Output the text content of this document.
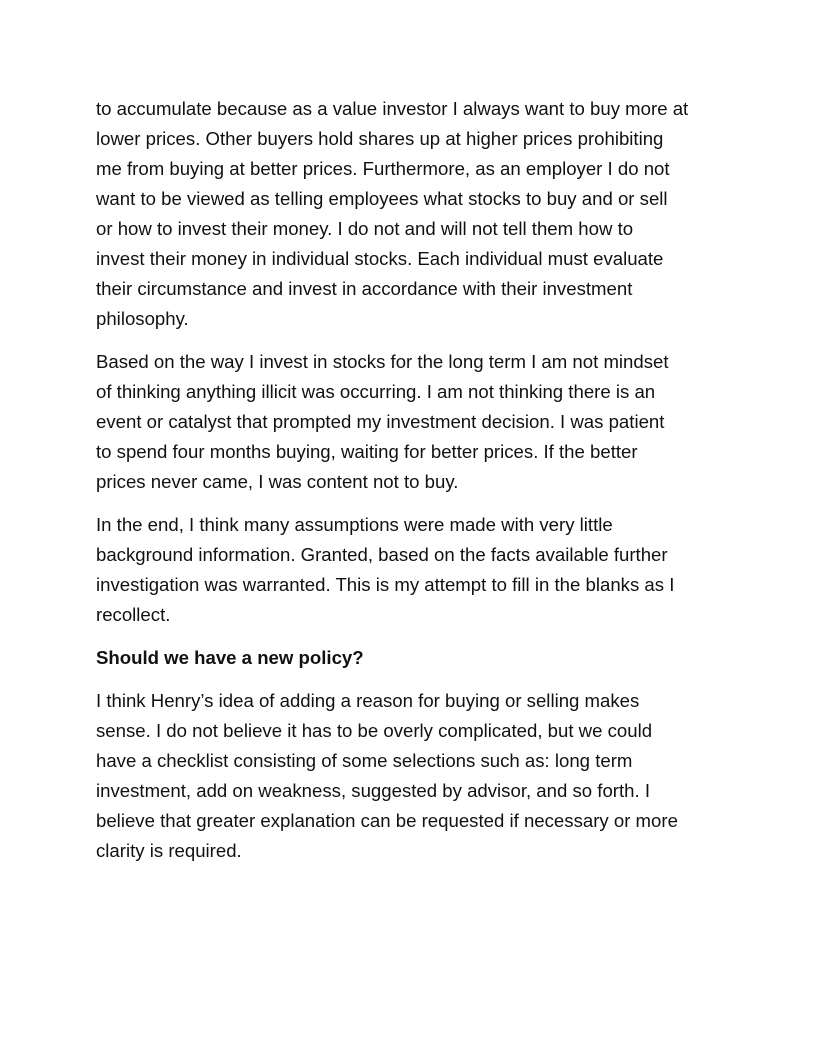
to accumulate because as a value investor I always want to buy more at
lower prices. Other buyers hold shares up at higher prices prohibiting
me from buying at better prices. Furthermore, as an employer I do not
want to be viewed as telling employees what stocks to buy and or sell
or how to invest their money. I do not and will not tell them how to
invest their money in individual stocks. Each individual must evaluate
their circumstance and invest in accordance with their investment
philosophy.
Based on the way I invest in stocks for the long term I am not mindset
of thinking anything illicit was occurring. I am not thinking there is an
event or catalyst that prompted my investment decision. I was patient
to spend four months buying, waiting for better prices. If the better
prices never came, I was content not to buy.
In the end, I think many assumptions were made with very little
background information. Granted, based on the facts available further
investigation was warranted. This is my attempt to fill in the blanks as I
recollect.
Should we have a new policy?
I think Henry’s idea of adding a reason for buying or selling makes
sense. I do not believe it has to be overly complicated, but we could
have a checklist consisting of some selections such as: long term
investment, add on weakness, suggested by advisor, and so forth. I
believe that greater explanation can be requested if necessary or more
clarity is required.
